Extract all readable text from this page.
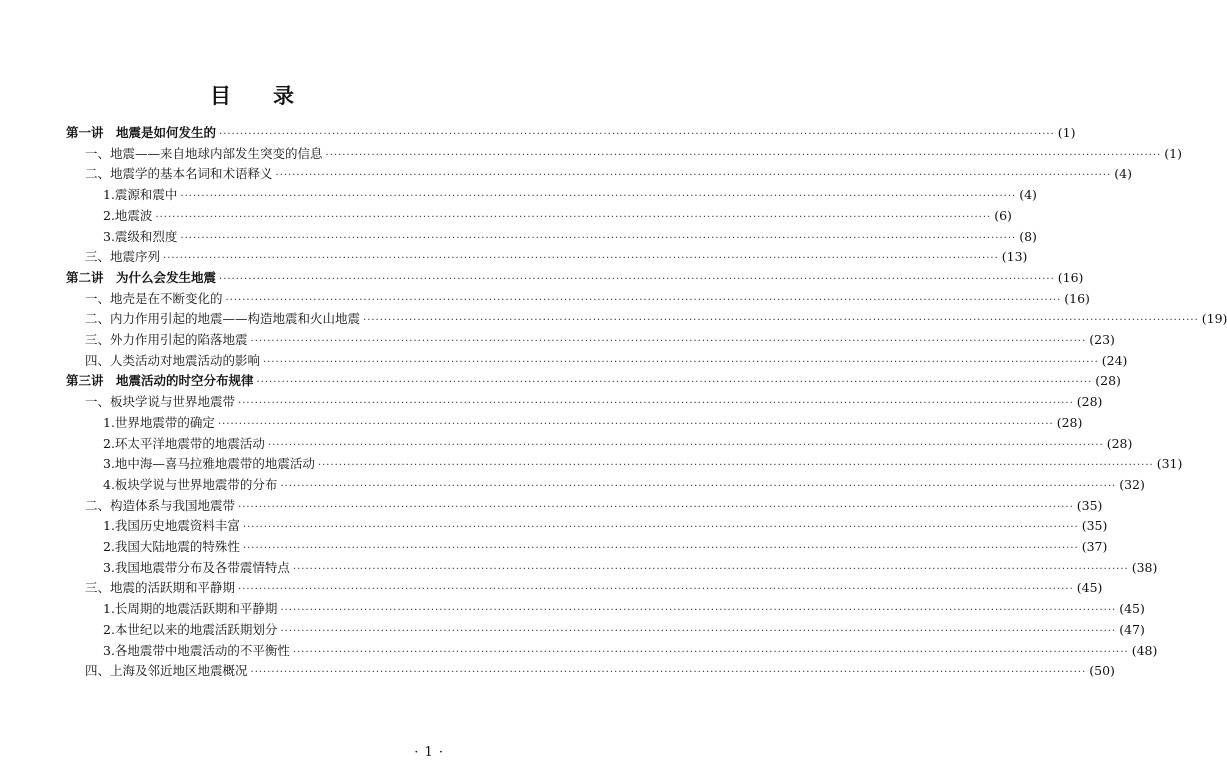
目 录
第一讲　地震是如何发生的 ········································································································································································································ (1)
一、地震——来自地球内部发生突变的信息 ········································································································································································································ (1)
二、地震学的基本名词和术语释义 ········································································································································································································ (4)
1.震源和震中 ········································································································································································································ (4)
2.地震波 ········································································································································································································ (6)
3.震级和烈度 ········································································································································································································ (8)
三、地震序列 ········································································································································································································ (13)
第二讲　为什么会发生地震 ········································································································································································································ (16)
一、地壳是在不断变化的 ········································································································································································································ (16)
二、内力作用引起的地震——构造地震和火山地震 ········································································································································································································ (19)
三、外力作用引起的陷落地震 ········································································································································································································ (23)
四、人类活动对地震活动的影响 ········································································································································································································ (24)
第三讲　地震活动的时空分布规律 ········································································································································································································ (28)
一、板块学说与世界地震带 ········································································································································································································ (28)
1.世界地震带的确定 ········································································································································································································ (28)
2.环太平洋地震带的地震活动 ········································································································································································································ (28)
3.地中海—喜马拉雅地震带的地震活动 ········································································································································································································ (31)
4.板块学说与世界地震带的分布 ········································································································································································································ (32)
二、构造体系与我国地震带 ········································································································································································································ (35)
1.我国历史地震资料丰富 ········································································································································································································ (35)
2.我国大陆地震的特殊性 ········································································································································································································ (37)
3.我国地震带分布及各带震情特点 ········································································································································································································ (38)
三、地震的活跃期和平静期 ········································································································································································································ (45)
1.长周期的地震活跃期和平静期 ········································································································································································································ (45)
2.本世纪以来的地震活跃期划分 ········································································································································································································ (47)
3.各地震带中地震活动的不平衡性 ········································································································································································································ (48)
四、上海及邻近地区地震概况 ········································································································································································································ (50)
· 1 ·
